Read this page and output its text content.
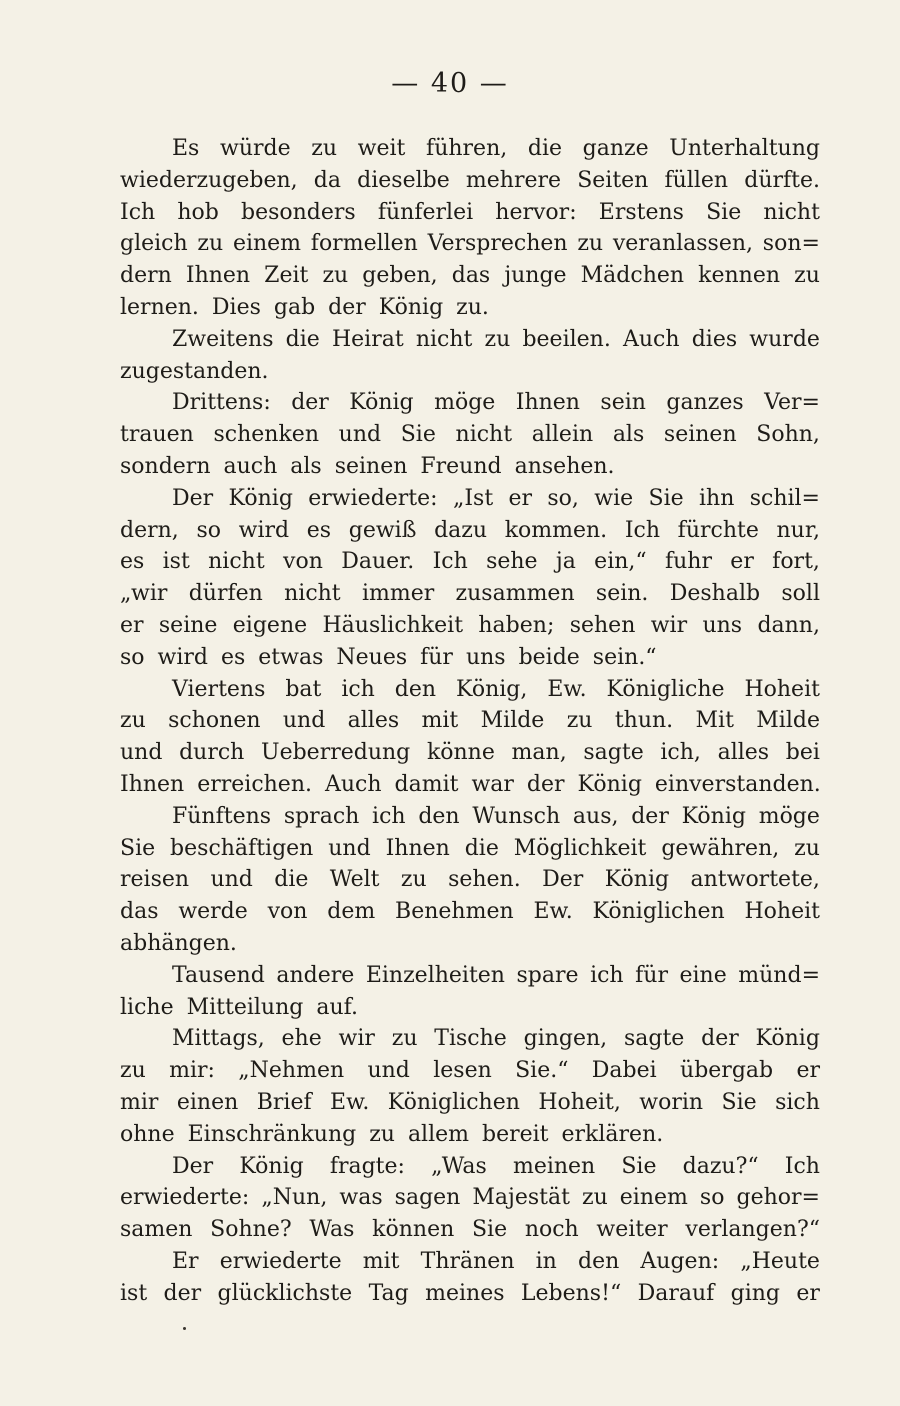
— 40 —
Es würde zu weit führen, die ganze Unterhaltung
wiederzugeben, da dieselbe mehrere Seiten füllen dürfte.
Ich hob besonders fünferlei hervor: Erstens Sie nicht
gleich zu einem formellen Versprechen zu veranlassen, son=
dern Ihnen Zeit zu geben, das junge Mädchen kennen zu
lernen. Dies gab der König zu.
Zweitens die Heirat nicht zu beeilen. Auch dies wurde
zugestanden.
Drittens: der König möge Ihnen sein ganzes Ver=
trauen schenken und Sie nicht allein als seinen Sohn,
sondern auch als seinen Freund ansehen.
Der König erwiederte: „Ist er so, wie Sie ihn schil=
dern, so wird es gewiß dazu kommen. Ich fürchte nur,
es ist nicht von Dauer. Ich sehe ja ein,“ fuhr er fort,
„wir dürfen nicht immer zusammen sein. Deshalb soll
er seine eigene Häuslichkeit haben; sehen wir uns dann,
so wird es etwas Neues für uns beide sein.“
Viertens bat ich den König, Ew. Königliche Hoheit
zu schonen und alles mit Milde zu thun. Mit Milde
und durch Ueberredung könne man, sagte ich, alles bei
Ihnen erreichen. Auch damit war der König einverstanden.
Fünftens sprach ich den Wunsch aus, der König möge
Sie beschäftigen und Ihnen die Möglichkeit gewähren, zu
reisen und die Welt zu sehen. Der König antwortete,
das werde von dem Benehmen Ew. Königlichen Hoheit
abhängen.
Tausend andere Einzelheiten spare ich für eine münd=
liche Mitteilung auf.
Mittags, ehe wir zu Tische gingen, sagte der König
zu mir: „Nehmen und lesen Sie.“ Dabei übergab er
mir einen Brief Ew. Königlichen Hoheit, worin Sie sich
ohne Einschränkung zu allem bereit erklären.
Der König fragte: „Was meinen Sie dazu?“ Ich
erwiederte: „Nun, was sagen Majestät zu einem so gehor=
samen Sohne? Was können Sie noch weiter verlangen?“
Er erwiederte mit Thränen in den Augen: „Heute
ist der glücklichste Tag meines Lebens!“ Darauf ging er
